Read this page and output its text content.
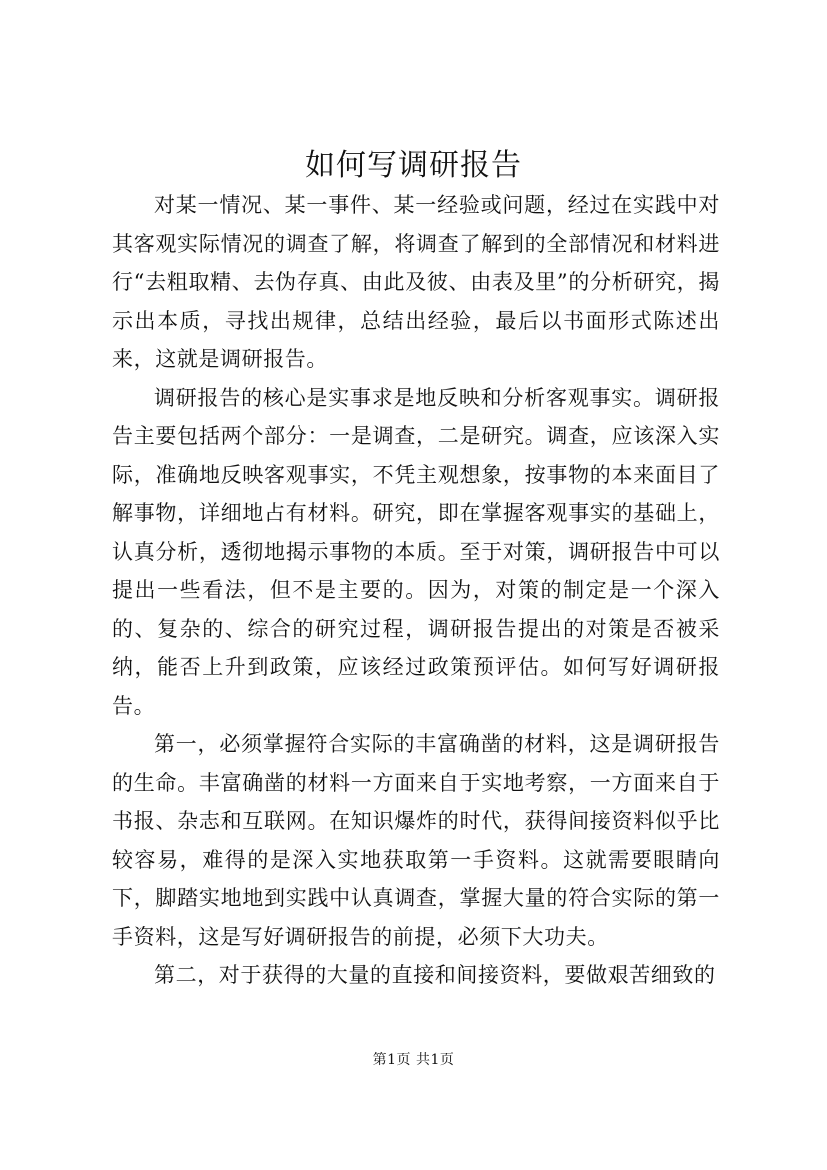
如何写调研报告

对某一情况、某一事件、某一经验或问题，经过在实践中对其客观实际情况的调查了解，将调查了解到的全部情况和材料进行“去粗取精、去伪存真、由此及彼、由表及里”的分析研究，揭示出本质，寻找出规律，总结出经验，最后以书面形式陈述出来，这就是调研报告。

调研报告的核心是实事求是地反映和分析客观事实。调研报告主要包括两个部分：一是调查，二是研究。调查，应该深入实际，准确地反映客观事实，不凭主观想象，按事物的本来面目了解事物，详细地占有材料。研究，即在掌握客观事实的基础上，认真分析，透彻地揭示事物的本质。至于对策，调研报告中可以提出一些看法，但不是主要的。因为，对策的制定是一个深入的、复杂的、综合的研究过程，调研报告提出的对策是否被采纳，能否上升到政策，应该经过政策预评估。如何写好调研报告。

第一，必须掌握符合实际的丰富确凿的材料，这是调研报告的生命。丰富确凿的材料一方面来自于实地考察，一方面来自于书报、杂志和互联网。在知识爆炸的时代，获得间接资料似乎比较容易，难得的是深入实地获取第一手资料。这就需要眼睛向下，脚踏实地地到实践中认真调查，掌握大量的符合实际的第一手资料，这是写好调研报告的前提，必须下大功夫。

第二，对于获得的大量的直接和间接资料，要做艰苦细致的

第1页 共1页
